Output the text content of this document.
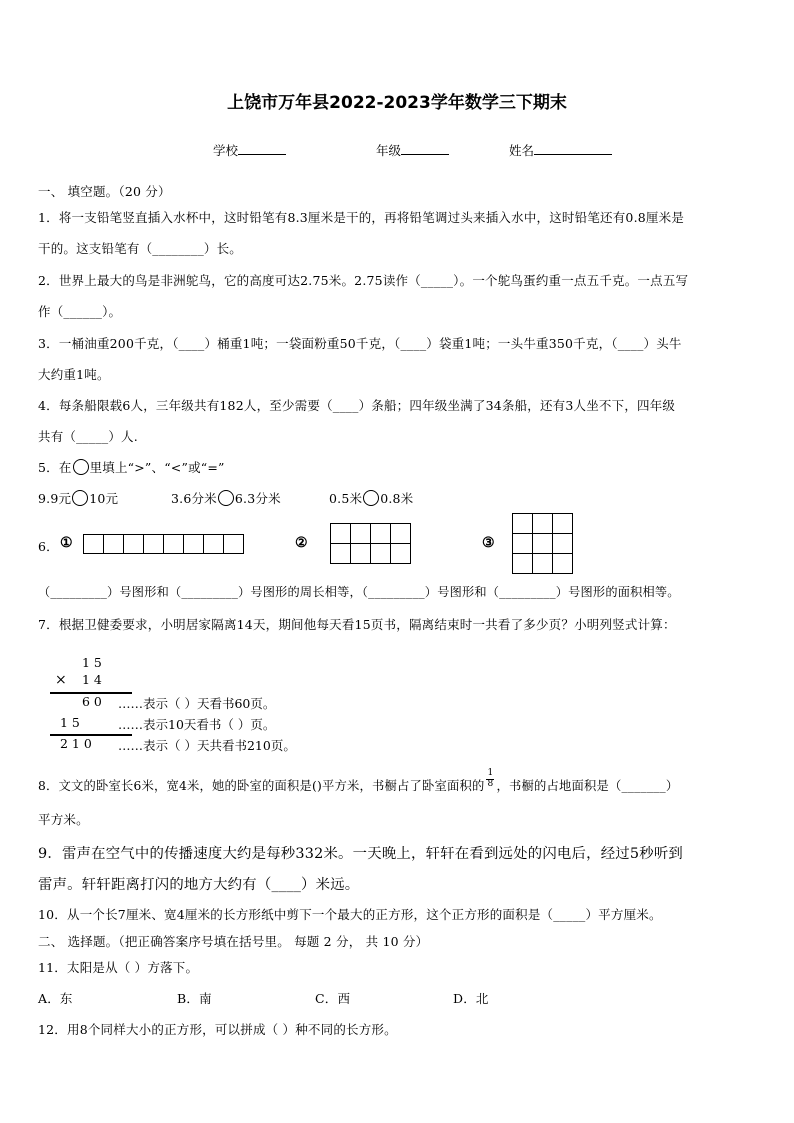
上饶市万年县2022-2023学年数学三下期末
学校	年级	姓名
一、 填空题。（20 分）
1．将一支铅笔竖直插入水杯中，这时铅笔有8.3厘米是干的，再将铅笔调过头来插入水中，这时铅笔还有0.8厘米是
干的。这支铅笔有（________）长。
2．世界上最大的鸟是非洲鸵鸟，它的高度可达2.75米。2.75读作（_____）。一个鸵鸟蛋约重一点五千克。一点五写
作（______）。
3．一桶油重200千克，（____）桶重1吨；一袋面粉重50千克，（____）袋重1吨；一头牛重350千克，（____）头牛
大约重1吨。
4．每条船限载6人，三年级共有182人，至少需要（____）条船；四年级坐满了34条船，还有3人坐不下，四年级
共有（_____）人.
5．在 里填上“>”、“<”或“=”
9.9元 10元	3.6分米 6.3分米	0.5米 0.8米
6． ①	②	③
（_________）号图形和（_________）号图形的周长相等，（_________）号图形和（_________）号图形的面积相等。
7．根据卫健委要求，小明居家隔离14天，期间他每天看15页书，隔离结束时一共看了多少页？小明列竖式计算：
1 5
× 1 4
6 0 ……表示（ ）天看书60页。
1 5	……表示10天看书（ ）页。
2 1 0 ……表示（ ）天共看书210页。
8．文文的卧室长6米，宽4米，她的卧室的面积是()平方米，书橱占了卧室面积的
1
8 ，书橱的占地面积是（_______）
平方米。
9．雷声在空气中的传播速度大约是每秒332米。一天晚上，轩轩在看到远处的闪电后，经过5秒听到
雷声。轩轩距离打闪的地方大约有（____）米远。
10．从一个长7厘米、宽4厘米的长方形纸中剪下一个最大的正方形，这个正方形的面积是（_____）平方厘米。
二、 选择题。（把正确答案序号填在括号里。 每题 2 分， 共 10 分）
11．太阳是从（ ）方落下。
A．东	B．南	C．西	D．北
12．用8个同样大小的正方形，可以拼成（ ）种不同的长方形。
